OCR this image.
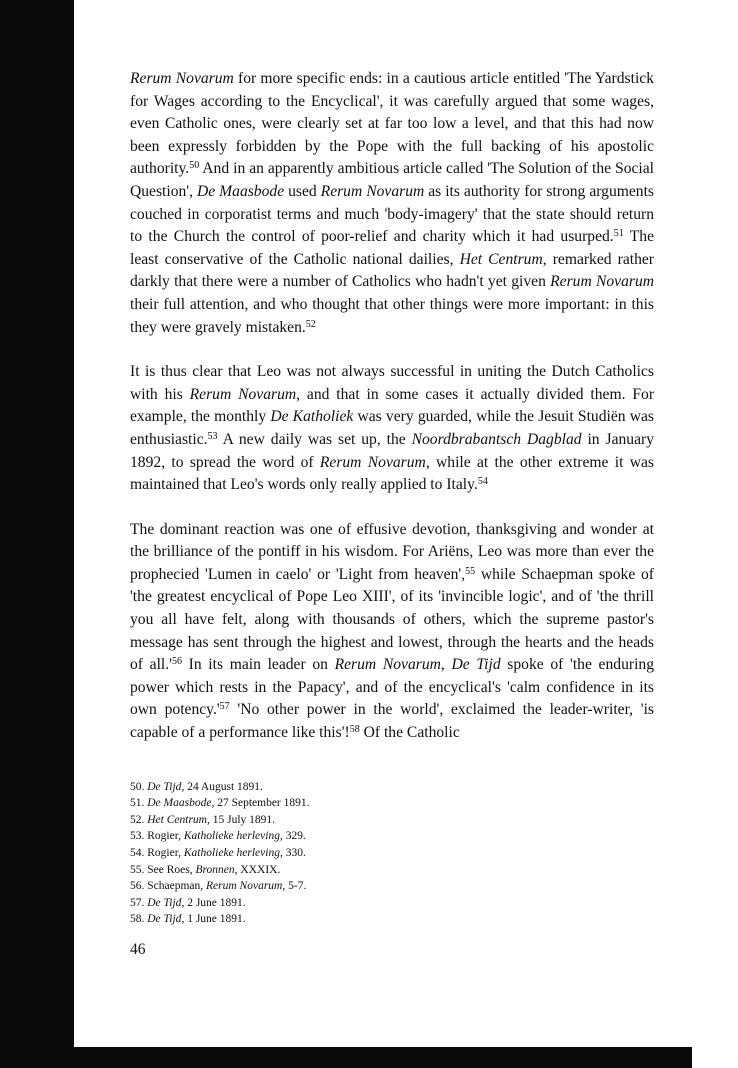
Rerum Novarum for more specific ends: in a cautious article entitled 'The Yardstick for Wages according to the Encyclical', it was carefully argued that some wages, even Catholic ones, were clearly set at far too low a level, and that this had now been expressly forbidden by the Pope with the full backing of his apostolic authority.$^{50}$ And in an apparently ambitious article called 'The Solution of the Social Question', De Maasbode used Rerum Novarum as its authority for strong arguments couched in corporatist terms and much 'body-imagery' that the state should return to the Church the control of poor-relief and charity which it had usurped.$^{51}$ The least conservative of the Catholic national dailies, Het Centrum, remarked rather darkly that there were a number of Catholics who hadn't yet given Rerum Novarum their full attention, and who thought that other things were more important: in this they were gravely mistaken.$^{52}$

It is thus clear that Leo was not always successful in uniting the Dutch Catholics with his Rerum Novarum, and that in some cases it actually divided them. For example, the monthly De Katholiek was very guarded, while the Jesuit Studiën was enthusiastic.$^{53}$ A new daily was set up, the Noordbrabantsch Dagblad in January 1892, to spread the word of Rerum Novarum, while at the other extreme it was maintained that Leo's words only really applied to Italy.$^{54}$

The dominant reaction was one of effusive devotion, thanksgiving and wonder at the brilliance of the pontiff in his wisdom. For Ariëns, Leo was more than ever the prophecied 'Lumen in caelo' or 'Light from heaven',$^{55}$ while Schaepman spoke of 'the greatest encyclical of Pope Leo XIII', of its 'invincible logic', and of 'the thrill you all have felt, along with thousands of others, which the supreme pastor's message has sent through the highest and lowest, through the hearts and the heads of all.'$^{56}$ In its main leader on Rerum Novarum, De Tijd spoke of 'the enduring power which rests in the Papacy', and of the encyclical's 'calm confidence in its own potency.'$^{57}$ 'No other power in the world', exclaimed the leader-writer, 'is capable of a performance like this'!$^{58}$ Of the Catholic

50. De Tijd, 24 August 1891.
51. De Maasbode, 27 September 1891.
52. Het Centrum, 15 July 1891.
53. Rogier, Katholieke herleving, 329.
54. Rogier, Katholieke herleving, 330.
55. See Roes, Bronnen, XXXIX.
56. Schaepman, Rerum Novarum, 5-7.
57. De Tijd, 2 June 1891.
58. De Tijd, 1 June 1891.

46
